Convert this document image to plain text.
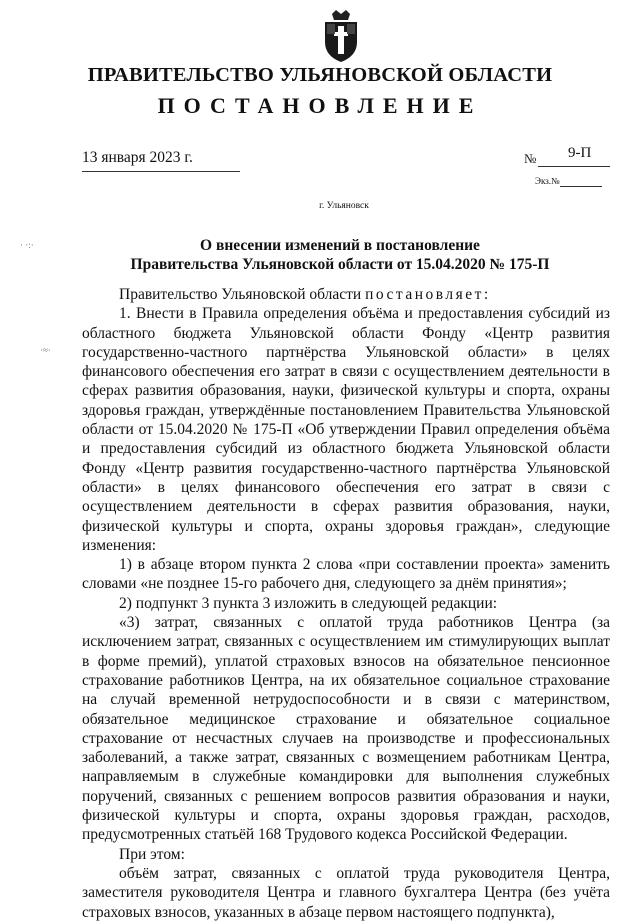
ПРАВИТЕЛЬСТВО УЛЬЯНОВСКОЙ ОБЛАСТИ
ПОСТАНОВЛЕНИЕ
13 января 2023 г.	№ 9-П
Экз.№
г. Ульяновск
О внесении изменений в постановление
Правительства Ульяновской области от 15.04.2020 № 175-П
· ·:·
·≈·

Правительство Ульяновской области постановляет:

1. Внести в Правила определения объёма и предоставления субсидий из областного бюджета Ульяновской области Фонду «Центр развития государственно-частного партнёрства Ульяновской области» в целях финансового обеспечения его затрат в связи с осуществлением деятельности в сферах развития образования, науки, физической культуры и спорта, охраны здоровья граждан, утверждённые постановлением Правительства Ульяновской области от 15.04.2020 № 175-П «Об утверждении Правил определения объёма и предоставления субсидий из областного бюджета Ульяновской области Фонду «Центр развития государственно-частного партнёрства Ульяновской области» в целях финансового обеспечения его затрат в связи с осуществлением деятельности в сферах развития образования, науки, физической культуры и спорта, охраны здоровья граждан», следующие изменения:

1) в абзаце втором пункта 2 слова «при составлении проекта» заменить словами «не позднее 15-го рабочего дня, следующего за днём принятия»;

2) подпункт 3 пункта 3 изложить в следующей редакции:

«3) затрат, связанных с оплатой труда работников Центра (за исключением затрат, связанных с осуществлением им стимулирующих выплат в форме премий), уплатой страховых взносов на обязательное пенсионное страхование работников Центра, на их обязательное социальное страхование на случай временной нетрудоспособности и в связи с материнством, обязательное медицинское страхование и обязательное социальное страхование от несчастных случаев на производстве и профессиональных заболеваний, а также затрат, связанных с возмещением работникам Центра, направляемым в служебные командировки для выполнения служебных поручений, связанных с решением вопросов развития образования и науки, физической культуры и спорта, охраны здоровья граждан, расходов, предусмотренных статьёй 168 Трудового кодекса Российской Федерации.

При этом:

объём затрат, связанных с оплатой труда руководителя Центра, заместителя руководителя Центра и главного бухгалтера Центра (без учёта страховых взносов, указанных в абзаце первом настоящего подпункта),
